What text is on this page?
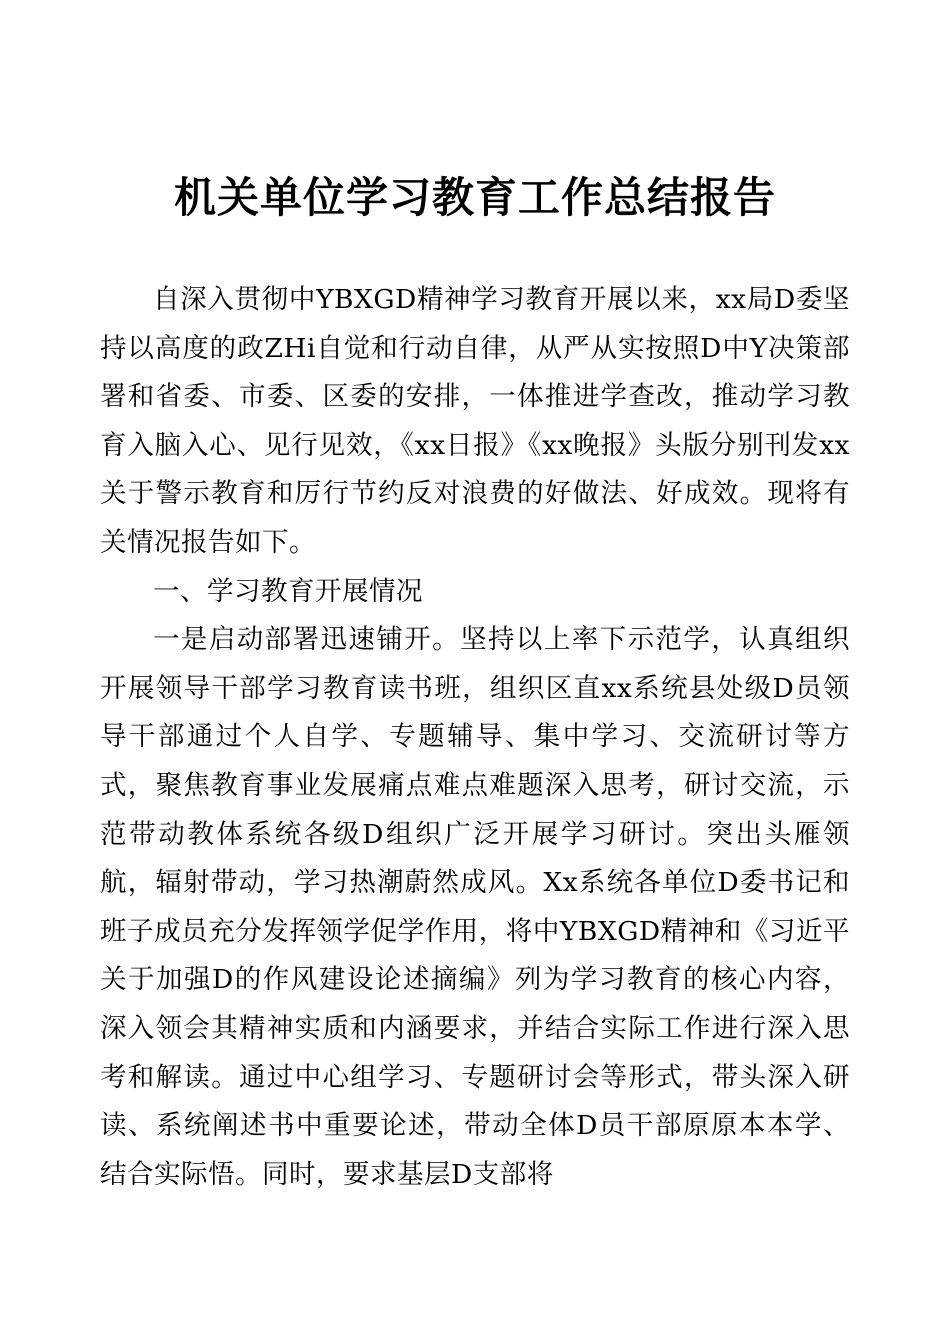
机关单位学习教育工作总结报告

自深入贯彻中YBXGD精神学习教育开展以来，xx局D委坚持以高度的政ZHi自觉和行动自律，从严从实按照D中Y决策部署和省委、市委、区委的安排，一体推进学查改，推动学习教育入脑入心、见行见效，《xx日报》《xx晚报》头版分别刊发xx关于警示教育和厉行节约反对浪费的好做法、好成效。现将有关情况报告如下。

一、学习教育开展情况

一是启动部署迅速铺开。坚持以上率下示范学，认真组织开展领导干部学习教育读书班，组织区直xx系统县处级D员领导干部通过个人自学、专题辅导、集中学习、交流研讨等方式，聚焦教育事业发展痛点难点难题深入思考，研讨交流，示范带动教体系统各级D组织广泛开展学习研讨。突出头雁领航，辐射带动，学习热潮蔚然成风。Xx系统各单位D委书记和班子成员充分发挥领学促学作用，将中YBXGD精神和《习近平关于加强D的作风建设论述摘编》列为学习教育的核心内容，深入领会其精神实质和内涵要求，并结合实际工作进行深入思考和解读。通过中心组学习、专题研讨会等形式，带头深入研读、系统阐述书中重要论述，带动全体D员干部原原本本学、结合实际悟。同时，要求基层D支部将
